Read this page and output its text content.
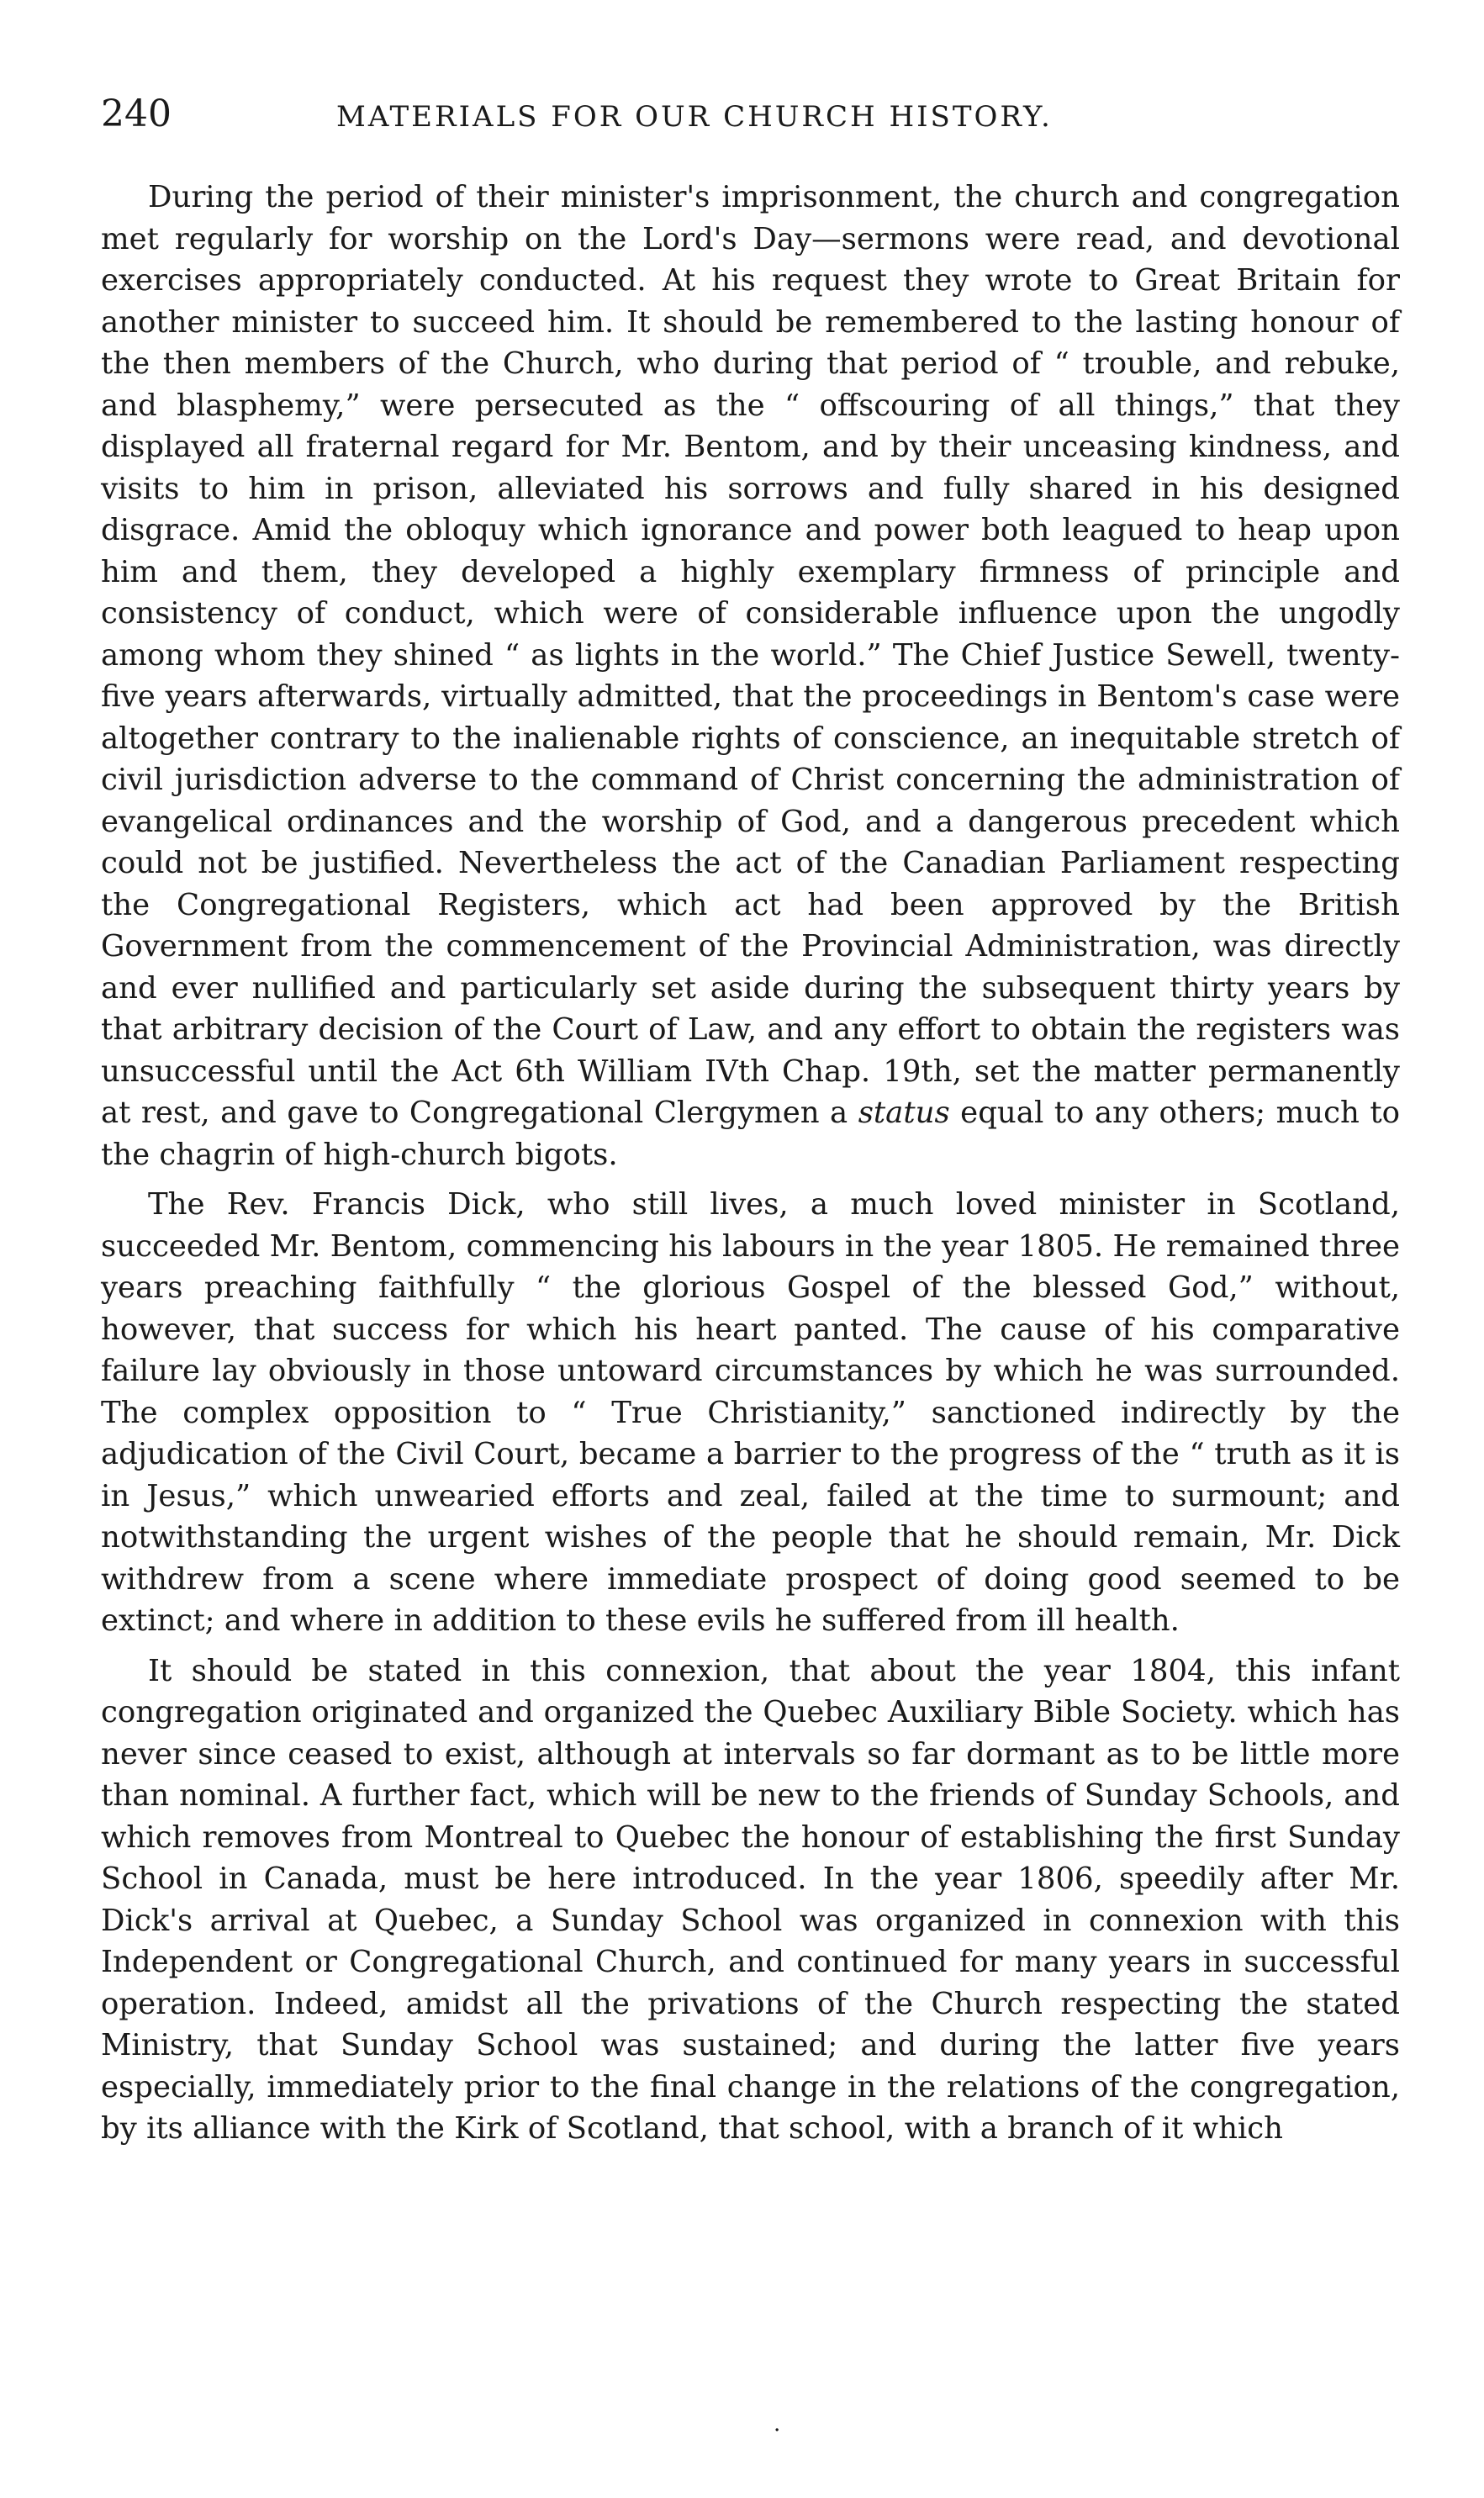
240	MATERIALS FOR OUR CHURCH HISTORY.

During the period of their minister's imprisonment, the church and congregation met regularly for worship on the Lord's Day—sermons were read, and devotional exercises appropriately conducted. At his request they wrote to Great Britain for another minister to succeed him. It should be remembered to the lasting honour of the then members of the Church, who during that period of “ trouble, and rebuke, and blasphemy,” were persecuted as the “ offscouring of all things,” that they displayed all fraternal regard for Mr. Bentom, and by their unceasing kindness, and visits to him in prison, alleviated his sorrows and fully shared in his designed disgrace. Amid the obloquy which ignorance and power both leagued to heap upon him and them, they developed a highly exemplary firmness of principle and consistency of conduct, which were of considerable influence upon the ungodly among whom they shined “ as lights in the world.” The Chief Justice Sewell, twenty-five years afterwards, virtually admitted, that the proceedings in Bentom's case were altogether contrary to the inalienable rights of conscience, an inequitable stretch of civil jurisdiction adverse to the command of Christ concerning the administration of evangelical ordinances and the worship of God, and a dangerous precedent which could not be justified. Nevertheless the act of the Canadian Parliament respecting the Congregational Registers, which act had been approved by the British Government from the commencement of the Provincial Administration, was directly and ever nullified and particularly set aside during the subsequent thirty years by that arbitrary decision of the Court of Law, and any effort to obtain the registers was unsuccessful until the Act 6th William IVth Chap. 19th, set the matter permanently at rest, and gave to Congregational Clergymen a status equal to any others; much to the chagrin of high-church bigots.

The Rev. Francis Dick, who still lives, a much loved minister in Scotland, succeeded Mr. Bentom, commencing his labours in the year 1805. He remained three years preaching faithfully “ the glorious Gospel of the blessed God,” without, however, that success for which his heart panted. The cause of his comparative failure lay obviously in those untoward circumstances by which he was surrounded. The complex opposition to “ True Christianity,” sanctioned indirectly by the adjudication of the Civil Court, became a barrier to the progress of the “ truth as it is in Jesus,” which unwearied efforts and zeal, failed at the time to surmount; and notwithstanding the urgent wishes of the people that he should remain, Mr. Dick withdrew from a scene where immediate prospect of doing good seemed to be extinct; and where in addition to these evils he suffered from ill health.

It should be stated in this connexion, that about the year 1804, this infant congregation originated and organized the Quebec Auxiliary Bible Society. which has never since ceased to exist, although at intervals so far dormant as to be little more than nominal. A further fact, which will be new to the friends of Sunday Schools, and which removes from Montreal to Quebec the honour of establishing the first Sunday School in Canada, must be here introduced. In the year 1806, speedily after Mr. Dick's arrival at Quebec, a Sunday School was organized in connexion with this Independent or Congregational Church, and continued for many years in successful operation. Indeed, amidst all the privations of the Church respecting the stated Ministry, that Sunday School was sustained; and during the latter five years especially, immediately prior to the final change in the relations of the congregation, by its alliance with the Kirk of Scotland, that school, with a branch of it which

.
